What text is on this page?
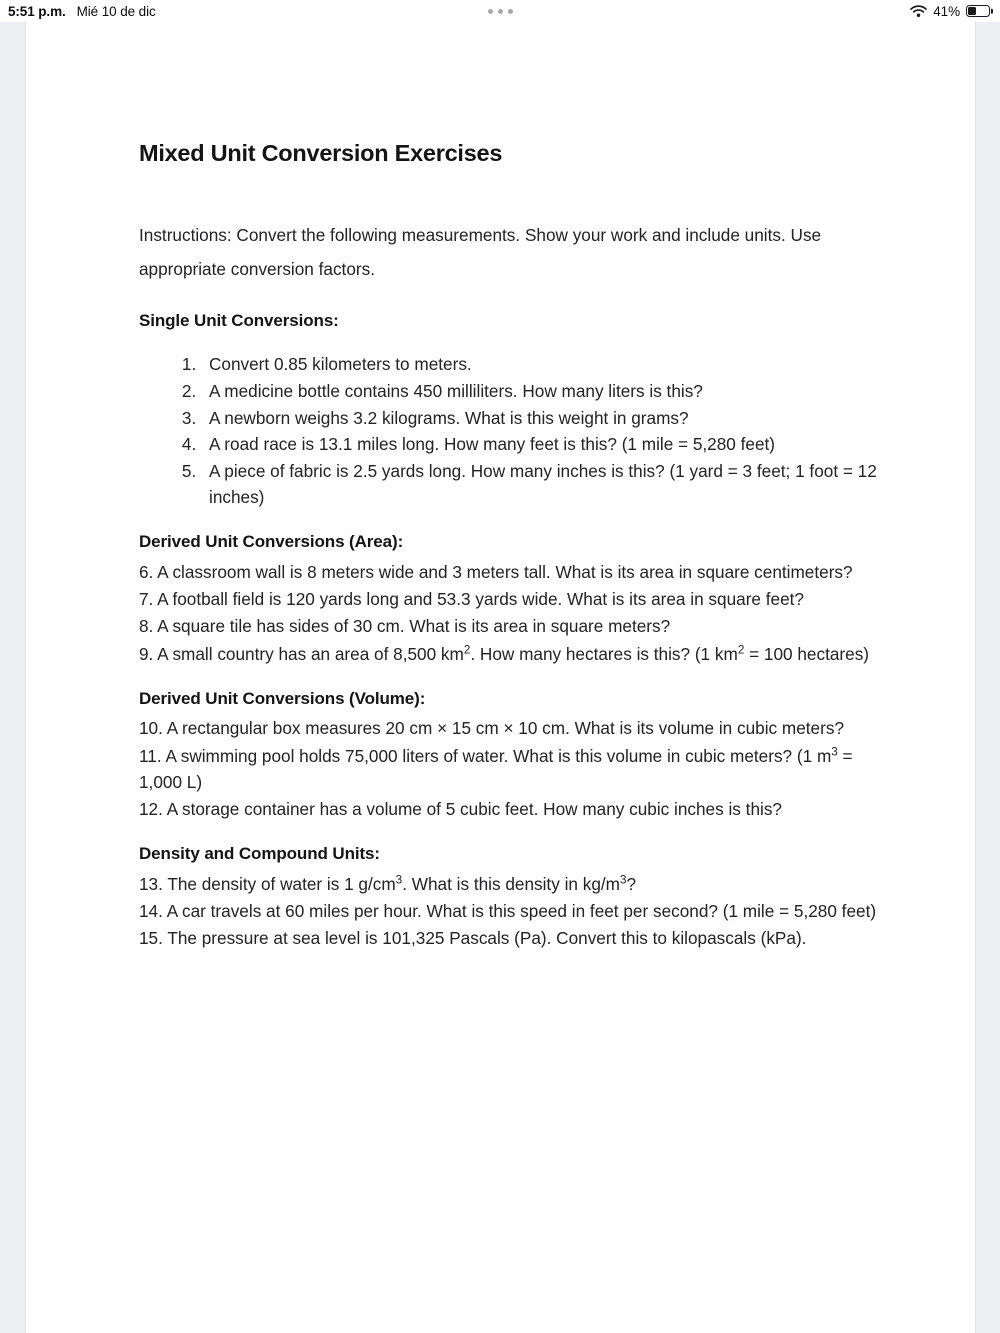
5:51 p.m. Mié 10 de dic	41%
Mixed Unit Conversion Exercises

Instructions: Convert the following measurements. Show your work and include units. Use appropriate conversion factors.

Single Unit Conversions:
1. Convert 0.85 kilometers to meters.
2. A medicine bottle contains 450 milliliters. How many liters is this?
3. A newborn weighs 3.2 kilograms. What is this weight in grams?
4. A road race is 13.1 miles long. How many feet is this? (1 mile = 5,280 feet)
5. A piece of fabric is 2.5 yards long. How many inches is this? (1 yard = 3 feet; 1 foot = 12 inches)
Derived Unit Conversions (Area):

6. A classroom wall is 8 meters wide and 3 meters tall. What is its area in square centimeters?

7. A football field is 120 yards long and 53.3 yards wide. What is its area in square feet?

8. A square tile has sides of 30 cm. What is its area in square meters?

9. A small country has an area of 8,500 $km^2$. How many hectares is this? (1 $km^2 = 100$ hectares)

Derived Unit Conversions (Volume):

10. A rectangular box measures 20 cm × 15 cm × 10 cm. What is its volume in cubic meters?

11. A swimming pool holds 75,000 liters of water. What is this volume in cubic meters? (1 $m^3 = 1,000$ L)

12. A storage container has a volume of 5 cubic feet. How many cubic inches is this?

Density and Compound Units:

13. The density of water is 1 $g/cm^3$. What is this density in $kg/m^3$?

14. A car travels at 60 miles per hour. What is this speed in feet per second? (1 mile = 5,280 feet)

15. The pressure at sea level is 101,325 Pascals (Pa). Convert this to kilopascals (kPa).
